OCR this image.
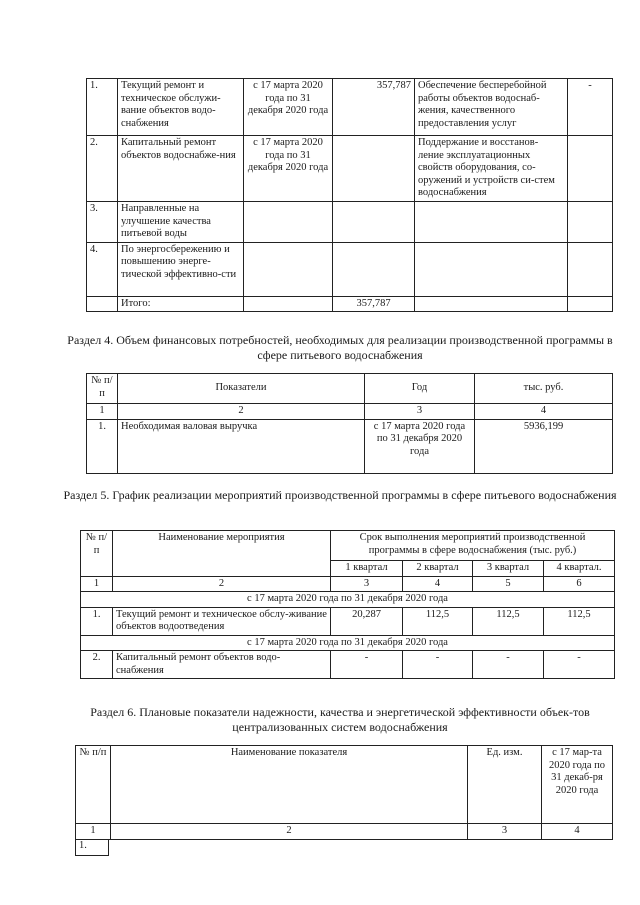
1.	Текущий ремонт и техническое обслужи-вание объектов водо-снабжения	с 17 марта 2020 года по 31 декабря 2020 года	357,787	Обеспечение бесперебойной работы объектов водоснаб-жения, качественного предоставления услуг	-
2.	Капитальный ремонт объектов водоснабже-ния	с 17 марта 2020 года по 31 декабря 2020 года		Поддержание и восстанов-ление эксплуатационных свойств оборудования, со-оружений и устройств си-стем водоснабжения	
3.	Направленные на улучшение качества питьевой воды				
4.	По энергосбережению и повышению энерге-тической эффективно-сти				
	Итого:		357,787		
Раздел 4. Объем финансовых потребностей, необходимых для реализации производственной программы в сфере питьевого водоснабжения
№ п/п	Показатели	Год	тыс. руб.
1	2	3	4
1.	Необходимая валовая выручка	с 17 марта 2020 года по 31 декабря 2020 года	5936,199
Раздел 5. График реализации мероприятий производственной программы в сфере питьевого водоснабжения
№ п/п	Наименование мероприятия	Срок выполнения мероприятий производственной программы в сфере водоснабжения (тыс. руб.)			
		1 квартал	2 квартал	3 квартал	4 квартал.
1	2	3	4	5	6
с 17 марта 2020 года по 31 декабря 2020 года					
1.	Текущий ремонт и техническое обслу-живание объектов водоотведения	20,287	112,5	112,5	112,5
с 17 марта 2020 года по 31 декабря 2020 года					
2.	Капитальный ремонт объектов водо-снабжения	-	-	-	-
Раздел 6. Плановые показатели надежности, качества и энергетической эффективности объек-тов централизованных систем водоснабжения
№ п/п	Наименование показателя	Ед. изм.	с 17 мар-та 2020 года по 31 декаб-ря 2020 года
1	2	3	4
1.
